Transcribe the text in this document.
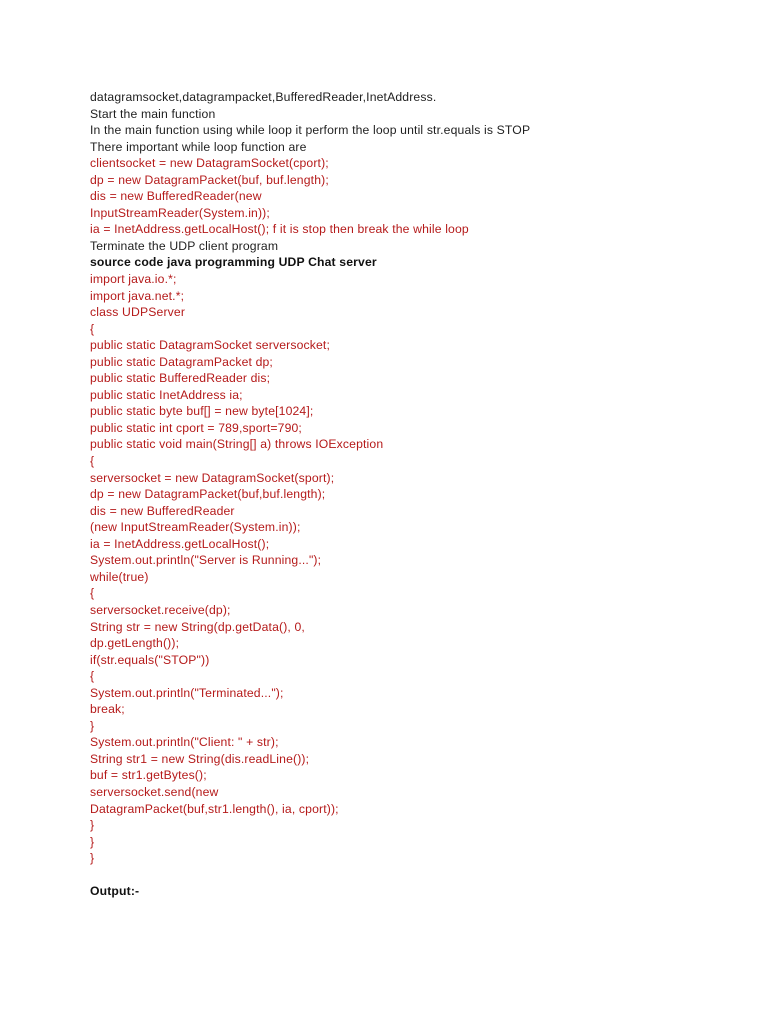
datagramsocket,datagrampacket,BufferedReader,InetAddress.
Start the main function
In the main function using while loop it perform the loop until str.equals is STOP
There important while loop function are
clientsocket = new DatagramSocket(cport);
dp = new DatagramPacket(buf, buf.length);
dis = new BufferedReader(new
InputStreamReader(System.in));
ia = InetAddress.getLocalHost(); f it is stop then break the while loop
Terminate the UDP client program
source code java programming UDP Chat server
import java.io.*;
import java.net.*;
class UDPServer
{
public static DatagramSocket serversocket;
public static DatagramPacket dp;
public static BufferedReader dis;
public static InetAddress ia;
public static byte buf[] = new byte[1024];
public static int cport = 789,sport=790;
public static void main(String[] a) throws IOException
{
serversocket = new DatagramSocket(sport);
dp = new DatagramPacket(buf,buf.length);
dis = new BufferedReader
(new InputStreamReader(System.in));
ia = InetAddress.getLocalHost();
System.out.println("Server is Running...");
while(true)
{
serversocket.receive(dp);
String str = new String(dp.getData(), 0,
dp.getLength());
if(str.equals("STOP"))
{
System.out.println("Terminated...");
break;
}
System.out.println("Client: " + str);
String str1 = new String(dis.readLine());
buf = str1.getBytes();
serversocket.send(new
DatagramPacket(buf,str1.length(), ia, cport));
}
}
}
Output:-
